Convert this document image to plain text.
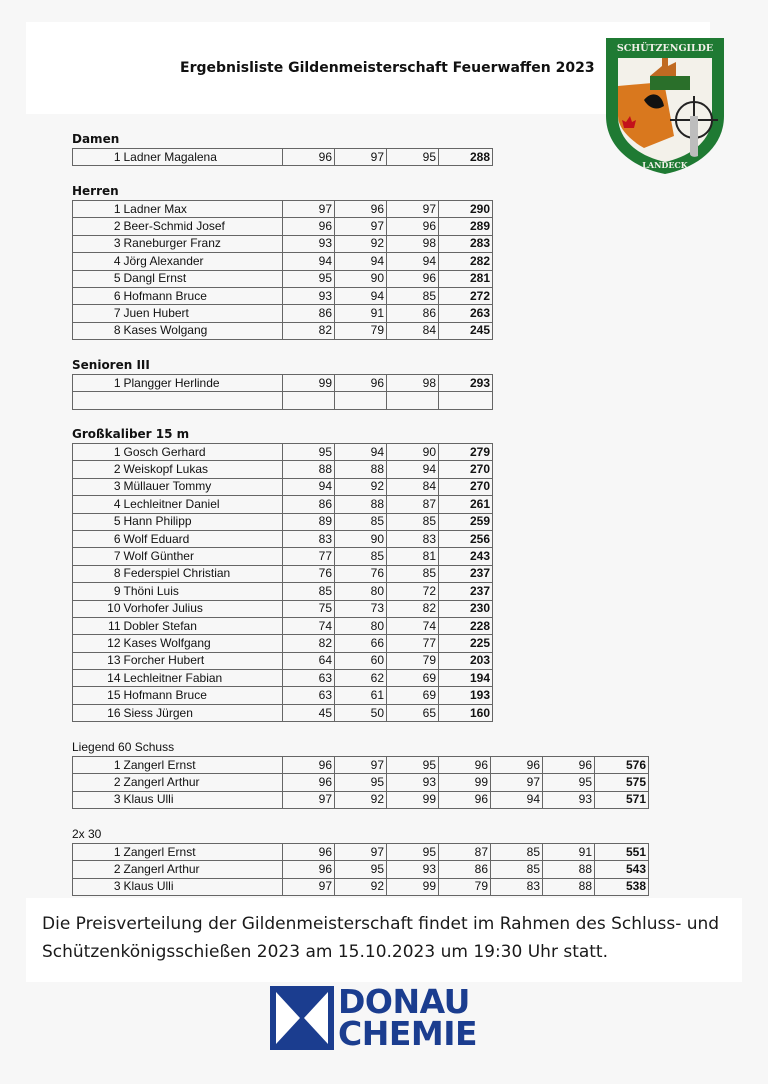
Ergebnisliste Gildenmeisterschaft Feuerwaffen 2023
SCHÜTZENGILDE
LANDECK
Damen
1	Ladner Magalena	96	97	95	288
Herren
1	Ladner Max	97	96	97	290
2	Beer-Schmid Josef	96	97	96	289
3	Raneburger Franz	93	92	98	283
4	Jörg Alexander	94	94	94	282
5	Dangl Ernst	95	90	96	281
6	Hofmann Bruce	93	94	85	272
7	Juen Hubert	86	91	86	263
8	Kases Wolgang	82	79	84	245
Senioren III
1	Plangger Herlinde	99	96	98	293

Großkaliber 15 m
1	Gosch Gerhard	95	94	90	279
2	Weiskopf Lukas	88	88	94	270
3	Müllauer Tommy	94	92	84	270
4	Lechleitner Daniel	86	88	87	261
5	Hann Philipp	89	85	85	259
6	Wolf Eduard	83	90	83	256
7	Wolf Günther	77	85	81	243
8	Federspiel Christian	76	76	85	237
9	Thöni Luis	85	80	72	237
10	Vorhofer Julius	75	73	82	230
11	Dobler Stefan	74	80	74	228
12	Kases Wolfgang	82	66	77	225
13	Forcher Hubert	64	60	79	203
14	Lechleitner Fabian	63	62	69	194
15	Hofmann Bruce	63	61	69	193
16	Siess Jürgen	45	50	65	160
Liegend 60 Schuss
1	Zangerl Ernst	96	97	95	96	96	96	576
2	Zangerl Arthur	96	95	93	99	97	95	575
3	Klaus Ulli	97	92	99	96	94	93	571
2x 30
1	Zangerl Ernst	96	97	95	87	85	91	551
2	Zangerl Arthur	96	95	93	86	85	88	543
3	Klaus Ulli	97	92	99	79	83	88	538
Die Preisverteilung der Gildenmeisterschaft findet im Rahmen des Schluss- und
Schützenkönigsschießen 2023 am 15.10.2023 um 19:30 Uhr statt.
DONAU
CHEMIE
